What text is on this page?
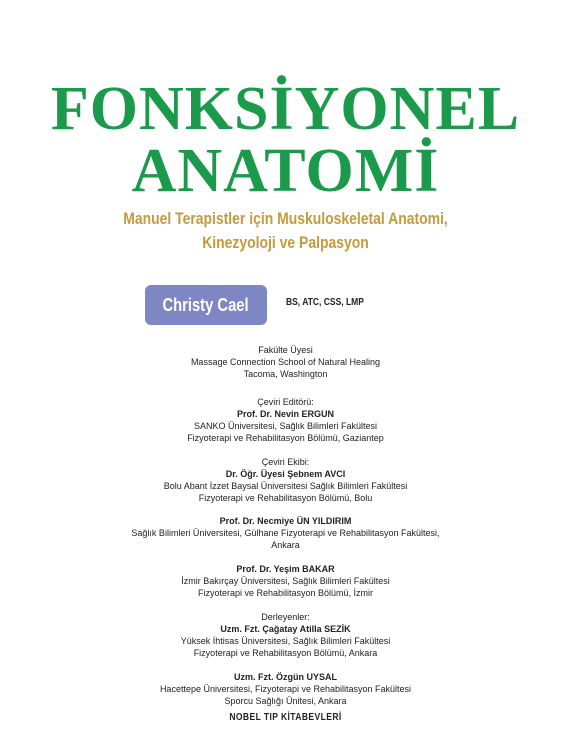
FONKSİYONEL
ANATOMİ
Manuel Terapistler için Muskuloskeletal Anatomi,
Kinezyoloji ve Palpasyon
Christy Cael	BS, ATC, CSS, LMP
Fakülte Üyesi
Massage Connection School of Natural Healing
Tacoma, Washington
Çeviri Editörü:
Prof. Dr. Nevin ERGUN
SANKO Üniversitesi, Sağlık Bilimleri Fakültesi
Fizyoterapi ve Rehabilitasyon Bölümü, Gaziantep
Çeviri Ekibi:
Dr. Öğr. Üyesi Şebnem AVCI
Bolu Abant İzzet Baysal Üniversitesi Sağlık Bilimleri Fakültesi
Fizyoterapi ve Rehabilitasyon Bölümü, Bolu
Prof. Dr. Necmiye ÜN YILDIRIM
Sağlık Bilimleri Üniversitesi, Gülhane Fizyoterapi ve Rehabilitasyon Fakültesi,
Ankara
Prof. Dr. Yeşim BAKAR
İzmir Bakırçay Üniversitesi, Sağlık Bilimleri Fakültesi
Fizyoterapi ve Rehabilitasyon Bölümü, İzmir
Derleyenler:
Uzm. Fzt. Çağatay Atilla SEZİK
Yüksek İhtisas Üniversitesi, Sağlık Bilimleri Fakültesi
Fizyoterapi ve Rehabilitasyon Bölümü, Ankara
Uzm. Fzt. Özgün UYSAL
Hacettepe Üniversitesi, Fizyoterapi ve Rehabilitasyon Fakültesi
Sporcu Sağlığı Ünitesi, Ankara
NOBEL TIP KİTABEVLERİ
